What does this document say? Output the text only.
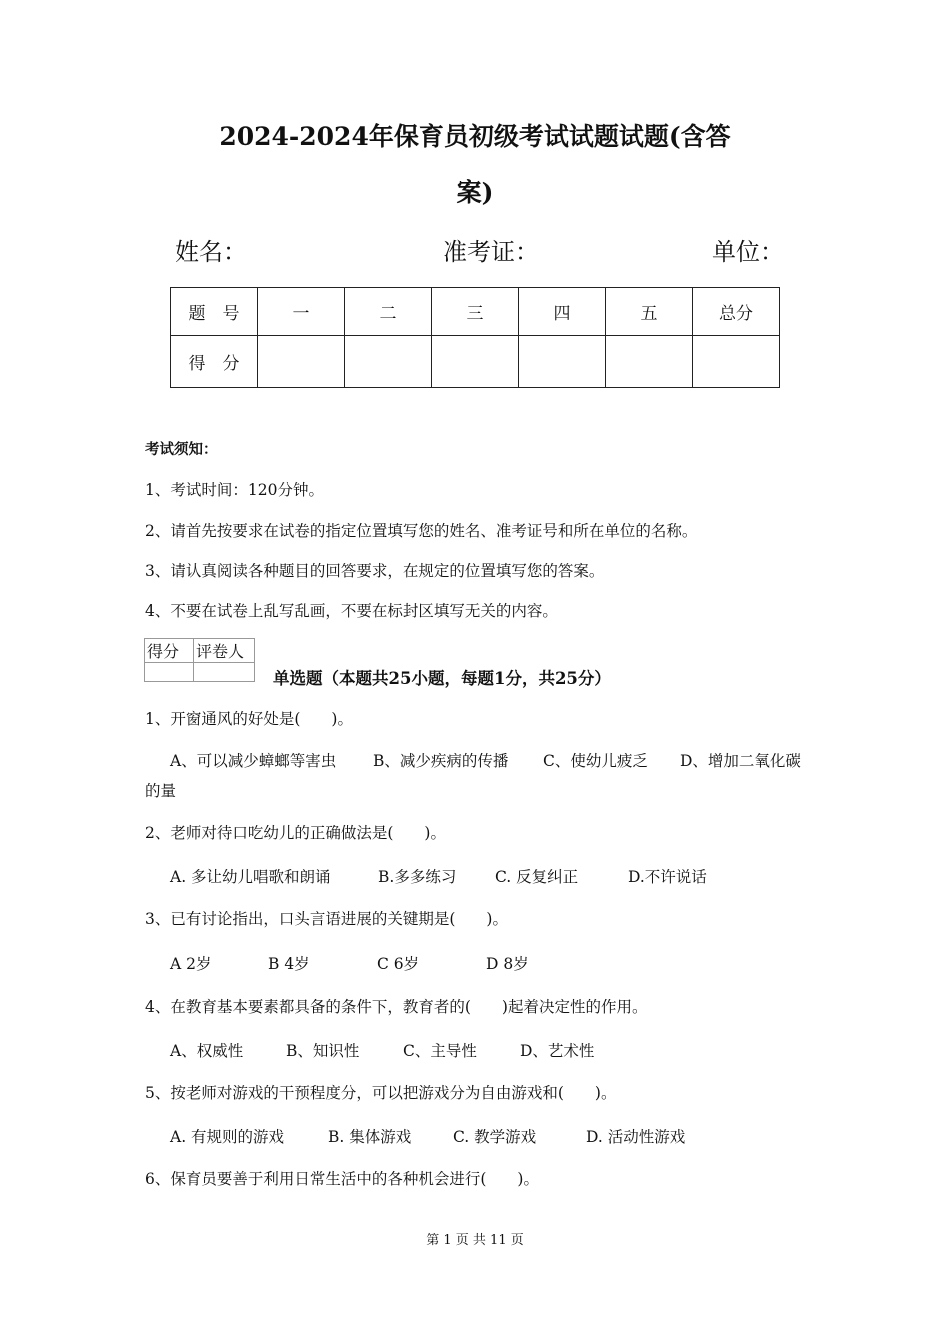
2024-2024年保育员初级考试试题试题(含答
案)
姓名：	准考证：	单位：
题　号	一	二	三	四	五	总分
得　分						
考试须知：
1、考试时间：120分钟。
2、请首先按要求在试卷的指定位置填写您的姓名、准考证号和所在单位的名称。
3、请认真阅读各种题目的回答要求，在规定的位置填写您的答案。
4、不要在试卷上乱写乱画，不要在标封区填写无关的内容。
得分	评卷人

单选题（本题共25小题，每题1分，共25分）
1、开窗通风的好处是(　　)。
A、可以减少蟑螂等害虫 B、减少疾病的传播 C、使幼儿疲乏 D、增加二氧化碳
的量
2、老师对待口吃幼儿的正确做法是(　　)。
A. 多让幼儿唱歌和朗诵	B.多多练习 C. 反复纠正	D.不许说话
3、已有讨论指出，口头言语进展的关键期是(　　)。
A 2岁	B 4岁	C 6岁	D 8岁
4、在教育基本要素都具备的条件下，教育者的(　　)起着决定性的作用。
A、权威性	B、知识性	C、主导性	D、艺术性
5、按老师对游戏的干预程度分，可以把游戏分为自由游戏和(　　)。
A. 有规则的游戏	B. 集体游戏	C. 教学游戏	D. 活动性游戏
6、保育员要善于利用日常生活中的各种机会进行(　　)。
第 1 页 共 11 页
